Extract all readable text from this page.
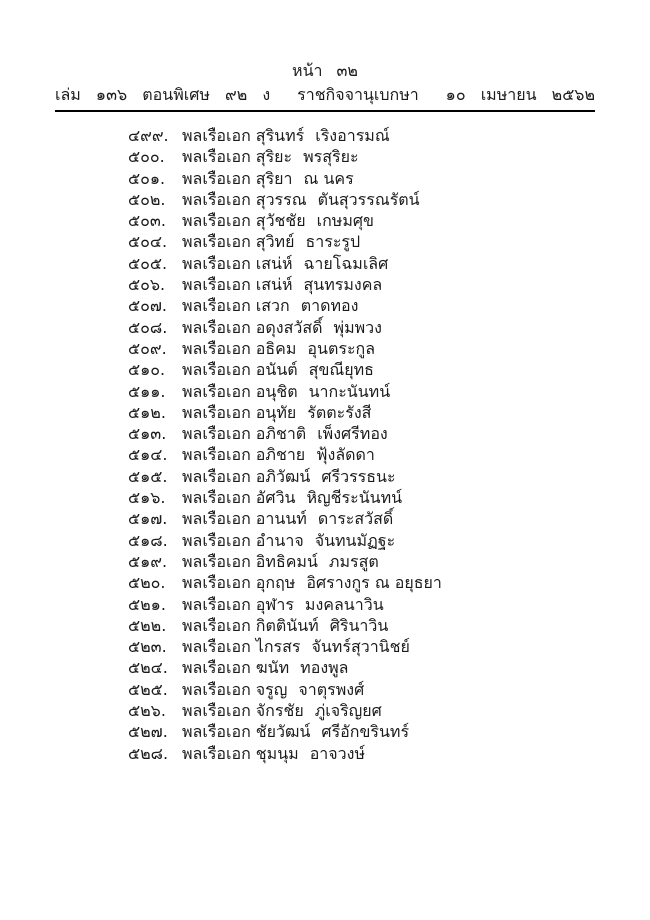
หน้า ๓๒
เล่ม ๑๓๖ ตอนพิเศษ ๙๒ ง ราชกิจจานุเบกษา ๑๐ เมษายน ๒๕๖๒
๔๙๙. พลเรือเอก สุรินทร์ เริงอารมณ์
๕๐๐.	พลเรือเอก สุริยะ พรสุริยะ
๕๐๑.	พลเรือเอก สุริยา ณ นคร
๕๐๒. พลเรือเอก สุวรรณ ตันสุวรรณรัตน์
๕๐๓. พลเรือเอก สุวัชชัย เกษมศุข
๕๐๔. พลเรือเอก สุวิทย์ ธาระรูป
๕๐๕. พลเรือเอก เสน่ห์ ฉายโฉมเลิศ
๕๐๖.	พลเรือเอก เสน่ห์ สุนทรมงคล
๕๐๗. พลเรือเอก เสวก ตาดทอง
๕๐๘. พลเรือเอก อดุงสวัสดิ์ พุ่มพวง
๕๐๙. พลเรือเอก อธิคม อุนตระกูล
๕๑๐.	พลเรือเอก อนันต์ สุขณียุทธ
๕๑๑. พลเรือเอก อนุชิต นากะนันทน์
๕๑๒. พลเรือเอก อนุทัย รัตตะรังสี
๕๑๓. พลเรือเอก อภิชาติ เพ็งศรีทอง
๕๑๔. พลเรือเอก อภิชาย ฟุ้งลัดดา
๕๑๕. พลเรือเอก อภิวัฒน์ ศรีวรรธนะ
๕๑๖. พลเรือเอก อัศวิน หิญชีระนันทน์
๕๑๗. พลเรือเอก อานนท์ ดาระสวัสดิ์
๕๑๘. พลเรือเอก อำนาจ จันทนมัฏฐะ
๕๑๙. พลเรือเอก อิทธิคมน์ ภมรสูต
๕๒๐. พลเรือเอก อุกฤษ อิศรางกูร ณ อยุธยา
๕๒๑. พลเรือเอก อุฬาร มงคลนาวิน
๕๒๒. พลเรือเอก กิตตินันท์ ศิรินาวิน
๕๒๓. พลเรือเอก ไกรสร จันทร์สุวานิชย์
๕๒๔. พลเรือเอก ฆนัท ทองพูล
๕๒๕. พลเรือเอก จรูญ จาตุรพงศ์
๕๒๖. พลเรือเอก จักรชัย ภู่เจริญยศ
๕๒๗. พลเรือเอก ชัยวัฒน์ ศรีอักขรินทร์
๕๒๘. พลเรือเอก ชุมนุม อาจวงษ์
